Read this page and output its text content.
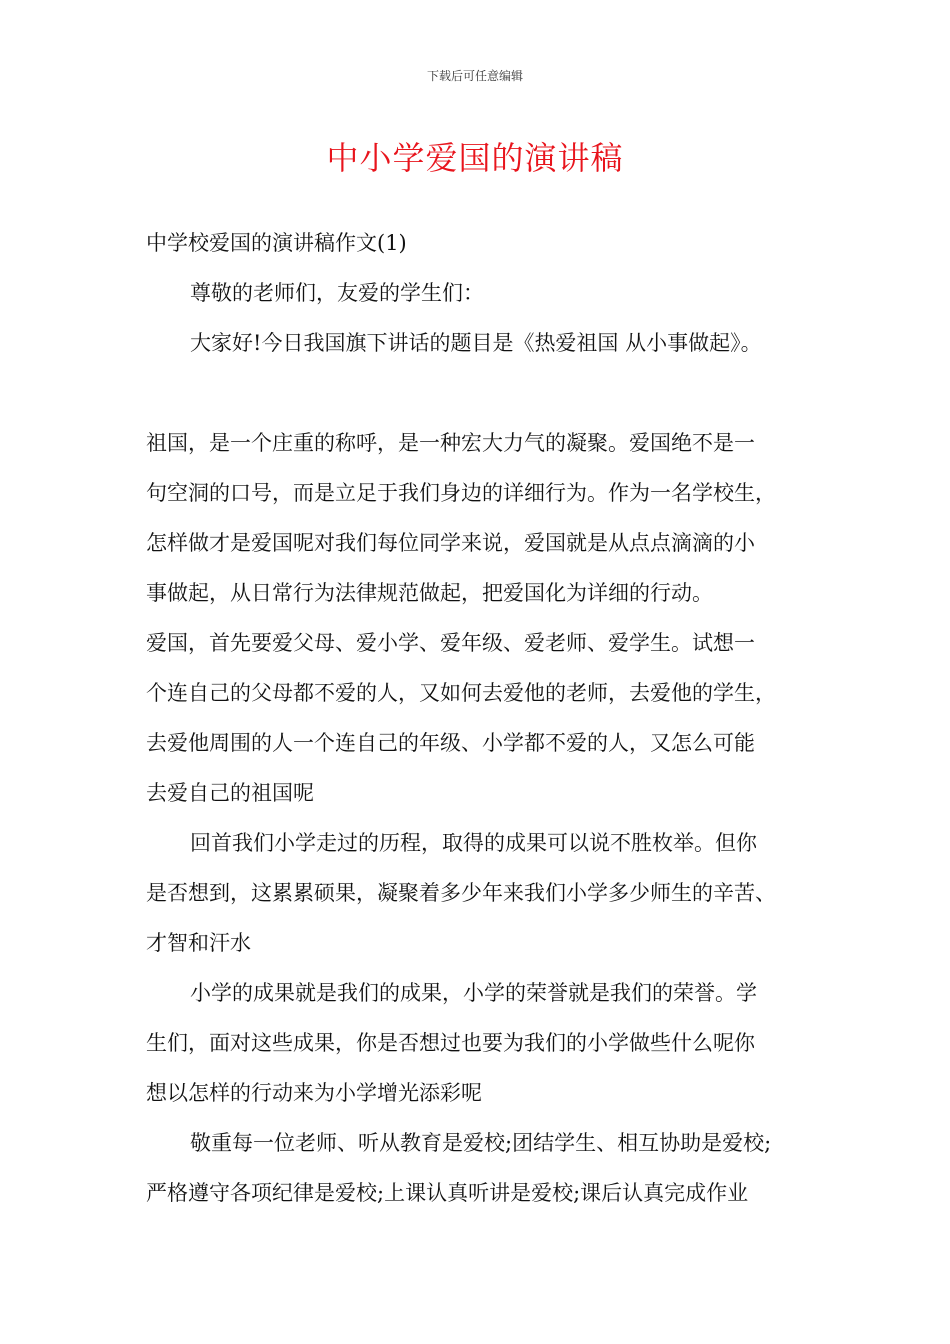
下载后可任意编辑
中小学爱国的演讲稿
中学校爱国的演讲稿作文(1)
尊敬的老师们，友爱的学生们：
大家好!今日我国旗下讲话的题目是《热爱祖国 从小事做起》。
祖国，是一个庄重的称呼，是一种宏大力气的凝聚。爱国绝不是一
句空洞的口号，而是立足于我们身边的详细行为。作为一名学校生，
怎样做才是爱国呢对我们每位同学来说，爱国就是从点点滴滴的小
事做起，从日常行为法律规范做起，把爱国化为详细的行动。
爱国，首先要爱父母、爱小学、爱年级、爱老师、爱学生。试想一
个连自己的父母都不爱的人，又如何去爱他的老师，去爱他的学生，
去爱他周围的人一个连自己的年级、小学都不爱的人，又怎么可能
去爱自己的祖国呢
回首我们小学走过的历程，取得的成果可以说不胜枚举。但你
是否想到，这累累硕果，凝聚着多少年来我们小学多少师生的辛苦、
才智和汗水
小学的成果就是我们的成果，小学的荣誉就是我们的荣誉。学
生们，面对这些成果，你是否想过也要为我们的小学做些什么呢你
想以怎样的行动来为小学增光添彩呢
敬重每一位老师、听从教育是爱校;团结学生、相互协助是爱校;
严格遵守各项纪律是爱校;上课认真听讲是爱校;课后认真完成作业
